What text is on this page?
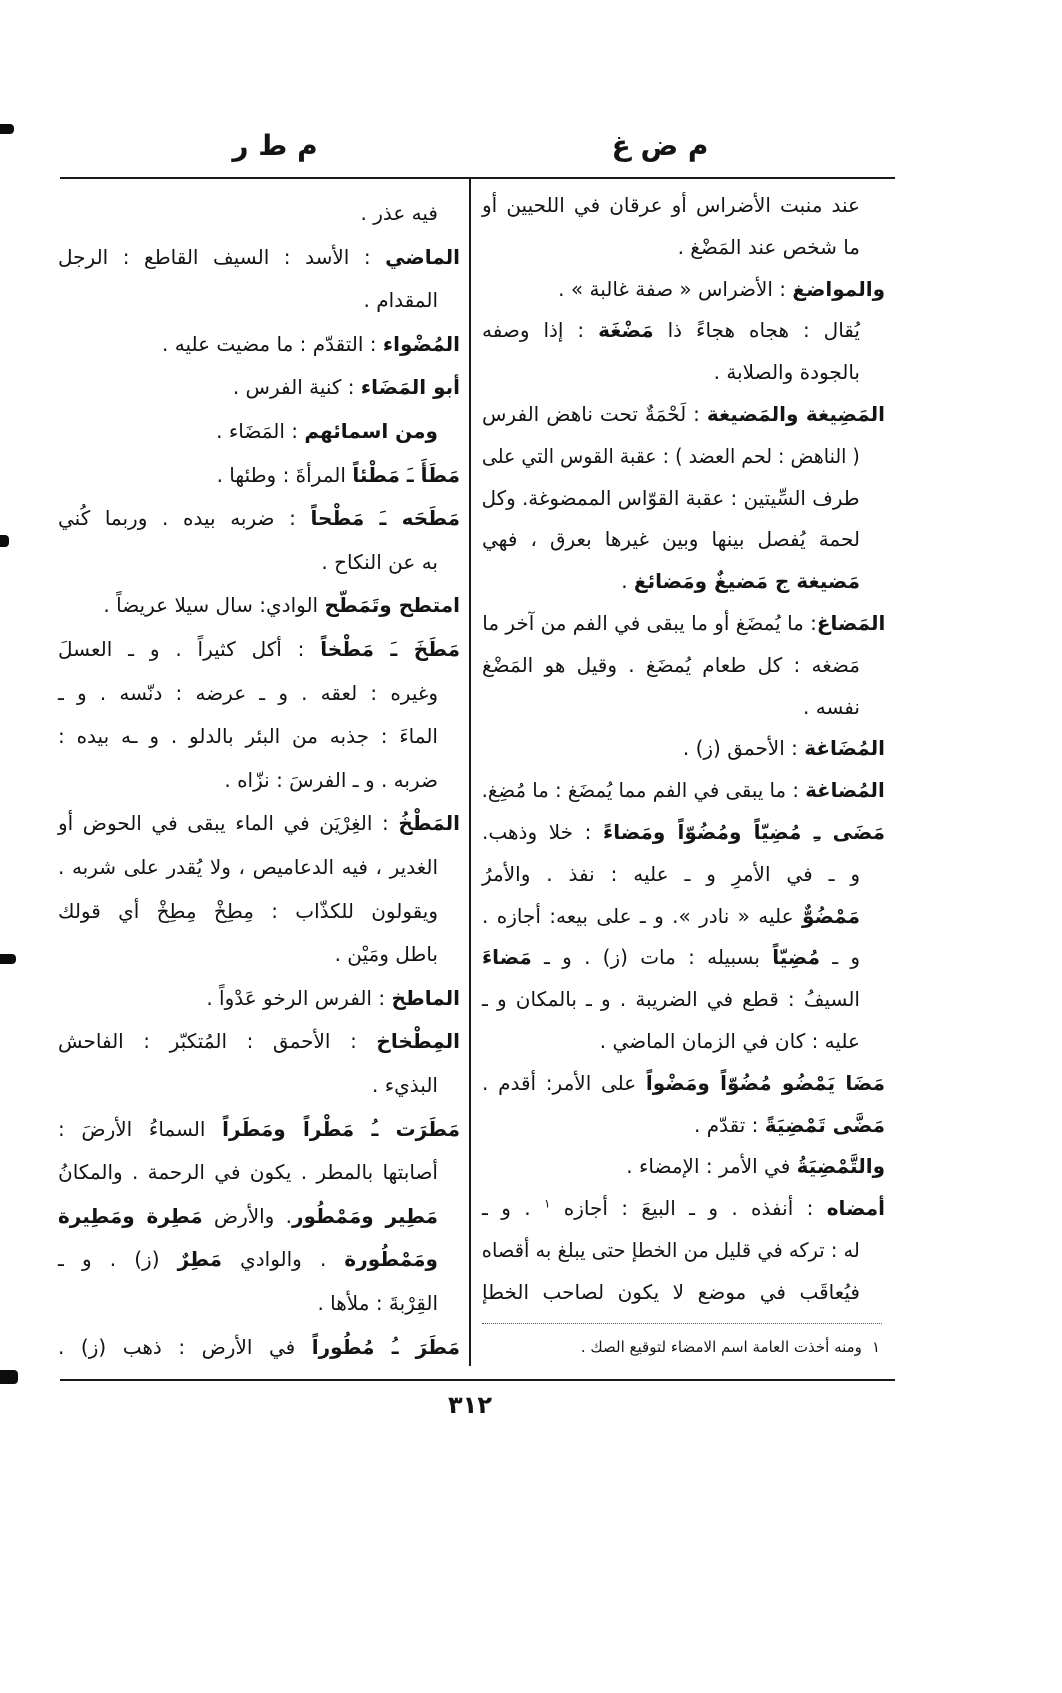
م ض غ
م ط ر
عند منبت الأضراس أو عرقان في اللحيين أو
ما شخص عند المَضْغ .
والمواضغ : الأضراس « صفة غالبة » .
يُقال : هجاه هجاءً ذا مَضْغَة : إذا وصفه
بالجودة والصلابة .
المَضِيغة والمَضيغة : لَحْمَةٌ تحت ناهض الفرس
( الناهض : لحم العضد ) : عقبة القوس التي على
طرف السِّيتين : عقبة القوّاس الممضوغة. وكل
لحمة يُفصل بينها وبين غيرها بعرق ، فهي
مَضيغة ج مَضيغٌ ومَضائغ .
المَضاغ: ما يُمضَغ أو ما يبقى في الفم من آخر ما
مَضغه : كل طعام يُمضَغ . وقيل هو المَضْغ
نفسه .
المُضَاغة : الأحمق (ز) .
المُضاغة : ما يبقى في الفم مما يُمضَغ : ما مُضِغ.
مَضَى ـِ مُضِيّاً ومُضُوّاً ومَضاءً : خلا وذهب.
و ـ في الأمرِ و ـ عليه : نفذ . والأمرُ
مَمْضُوٌّ عليه « نادر ». و ـ على بيعه: أجازه .
و ـ مُضِيّاً بسبيله : مات (ز) . و ـ مَضاءَ
السيفُ : قطع في الضريبة . و ـ بالمكان و ـ
عليه : كان في الزمان الماضي .
مَضَا يَمْضُو مُضُوّاً ومَضْواً على الأمر: أقدم .
مَضَّى تَمْضِيَةً : تقدّم .
والتَّمْضِيَةُ في الأمر : الإمضاء .
أمضاه : أنفذه . و ـ البيعَ : أجازه $^١$ . و ـ
له : تركه في قليل من الخطإ حتى يبلغ به أقصاه
فيُعاقَب في موضع لا يكون لصاحب الخطإ
فيه عذر .
الماضي : الأسد : السيف القاطع : الرجل
المقدام .
المُضْواء : التقدّم : ما مضيت عليه .
أبو المَضَاء : كنية الفرس .
ومن اسمائهم : المَضَاء .
مَطَأَ ـَ مَطْئاً المرأةَ : وطئها .
مَطَحَه ـَ مَطْحاً : ضربه بيده . وربما كُني
به عن النكاح .
امتطح وتَمَطّح الوادي: سال سيلا عريضاً .
مَطَخَ ـَ مَطْخاً : أكل كثيراً . و ـ العسلَ
وغيره : لعقه . و ـ عرضه : دنّسه . و ـ
الماءَ : جذبه من البئر بالدلو . و ـه بيده :
ضربه . و ـ الفرسَ : نزّاه .
المَطْخُ : الغِرْيَن في الماء يبقى في الحوض أو
الغدير ، فيه الدعاميص ، ولا يُقدر على شربه .
ويقولون للكذّاب : مِطِخْ مِطِخْ أي قولك
باطل ومَيْن .
الماطخ : الفرس الرخو عَدْواً .
المِطْخاخ : الأحمق : المُتكبّر : الفاحش
البذيء .
مَطَرَت ـُ مَطْراً ومَطَراً السماءُ الأرضَ :
أصابتها بالمطر . يكون في الرحمة . والمكانُ
مَطِير ومَمْطُور. والأرض مَطِرة ومَطِيرة
ومَمْطُورة . والوادي مَطِرٌ (ز) . و ـ
القِرْبةَ : ملأها .
مَطَرَ ـُ مُطُوراً في الأرض : ذهب (ز) .	١ومنه أخذت العامة اسم الامضاء لتوقيع الصك .
٣١٢
